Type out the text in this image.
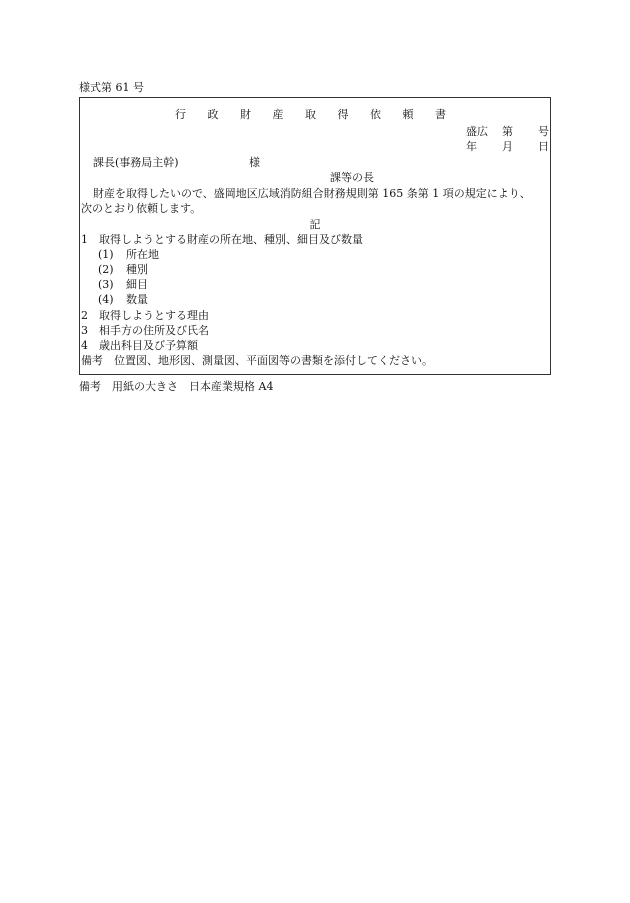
様式第 61 号
行 政 財 産 取 得 依 頼 書
盛広 第 号
年 月 日
課長(事務局主幹)	様
課等の長
財産を取得したいので、盛岡地区広域消防組合財務規則第 165 条第 1 項の規定により、
次のとおり依頼します。
記
1 取得しようとする財産の所在地、種別、細目及び数量
(1) 所在地
(2) 種別
(3) 細目
(4) 数量
2 取得しようとする理由
3 相手方の住所及び氏名
4 歳出科目及び予算額
備考　位置図、地形図、測量図、平面図等の書類を添付してください。
備考　用紙の大きさ　日本産業規格 A4
